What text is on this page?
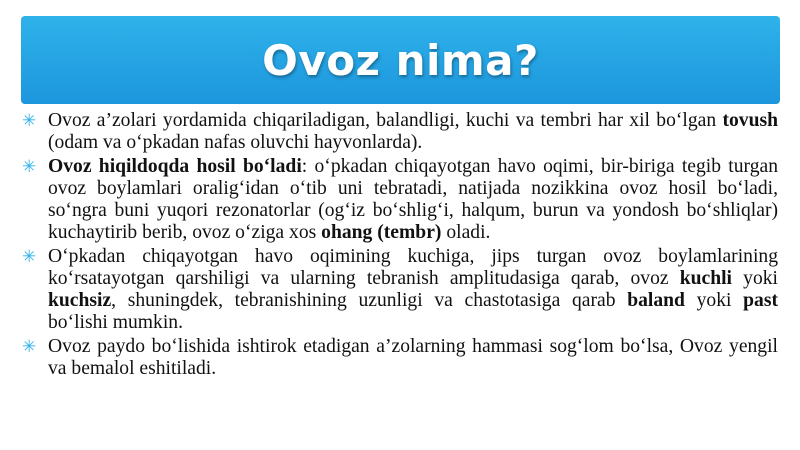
Ovoz nima?
✳ Ovoz a’zolari yordamida chiqariladigan, balandligi, kuchi va tembri har xil bo‘lgan tovush (odam va o‘pkadan nafas oluvchi hayvonlarda).
✳ Ovoz hiqildoqda hosil bo‘ladi: o‘pkadan chiqayotgan havo oqimi, bir-biriga tegib turgan ovoz boylamlari oralig‘idan o‘tib uni tebratadi, natijada nozikkina ovoz hosil bo‘ladi, so‘ngra buni yuqori rezonatorlar (og‘iz bo‘shlig‘i, halqum, burun va yondosh bo‘shliqlar) kuchaytirib berib, ovoz o‘ziga xos ohang (tembr) oladi.
✳ O‘pkadan chiqayotgan havo oqimining kuchiga, jips turgan ovoz boylamlarining ko‘rsatayotgan qarshiligi va ularning tebranish amplitudasiga qarab, ovoz kuchli yoki kuchsiz, shuningdek, tebranishining uzunligi va chastotasiga qarab baland yoki past bo‘lishi mumkin.
✳ Ovoz paydo bo‘lishida ishtirok etadigan a’zolarning hammasi sog‘lom bo‘lsa, Ovoz yengil va bemalol eshitiladi.
